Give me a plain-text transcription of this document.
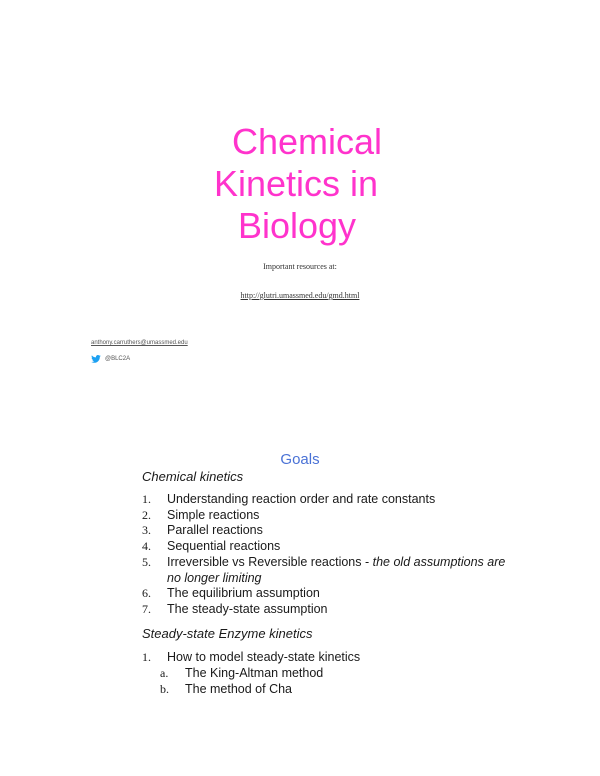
Chemical
Kinetics in
Biology
Important resources at:
http://glutri.umassmed.edu/gmd.html
anthony.carruthers@umassmed.edu
@BLC2A
Goals
Chemical kinetics
1.	Understanding reaction order and rate constants
2.	Simple reactions
3.	Parallel reactions
4.	Sequential reactions
5.	Irreversible vs Reversible reactions - the old assumptions are no longer limiting
6.	The equilibrium assumption
7.	The steady-state assumption
Steady-state Enzyme kinetics
1.	How to model steady-state kinetics
a.	The King-Altman method
b.	The method of Cha
